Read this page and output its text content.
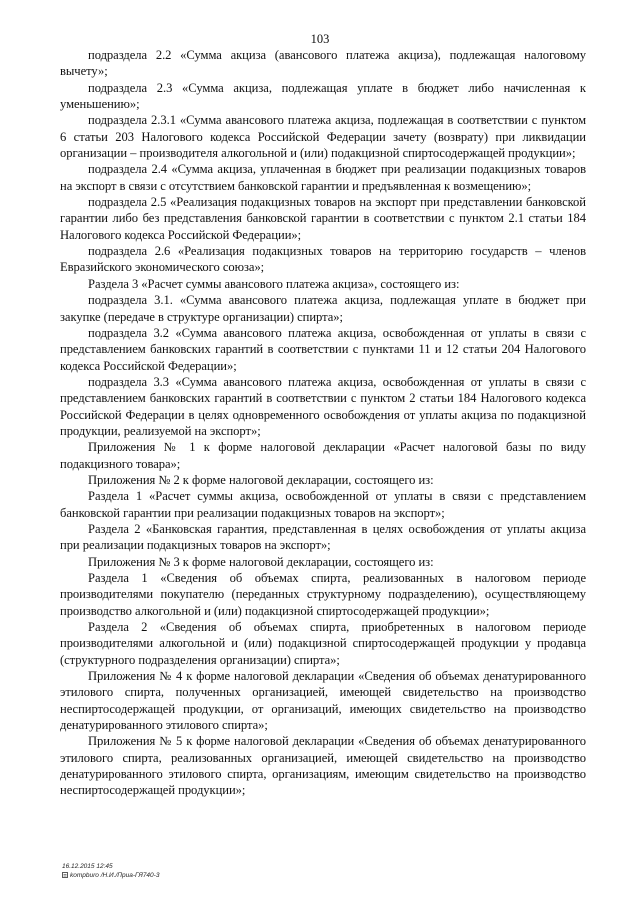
103

подраздела 2.2 «Сумма акциза (авансового платежа акциза), подлежащая налоговому вычету»;

подраздела 2.3 «Сумма акциза, подлежащая уплате в бюджет либо начисленная к уменьшению»;

подраздела 2.3.1 «Сумма авансового платежа акциза, подлежащая в соответствии с пунктом 6 статьи 203 Налогового кодекса Российской Федерации зачету (возврату) при ликвидации организации – производителя алкогольной и (или) подакцизной спиртосодержащей продукции»;

подраздела 2.4 «Сумма акциза, уплаченная в бюджет при реализации подакцизных товаров на экспорт в связи с отсутствием банковской гарантии и предъявленная к возмещению»;

подраздела 2.5 «Реализация подакцизных товаров на экспорт при представлении банковской гарантии либо без представления банковской гарантии в соответствии с пунктом 2.1 статьи 184 Налогового кодекса Российской Федерации»;

подраздела 2.6 «Реализация подакцизных товаров на территорию государств – членов Евразийского экономического союза»;

Раздела 3 «Расчет суммы авансового платежа акциза», состоящего из:

подраздела 3.1. «Сумма авансового платежа акциза, подлежащая уплате в бюджет при закупке (передаче в структуре организации) спирта»;

подраздела 3.2 «Сумма авансового платежа акциза, освобожденная от уплаты в связи с представлением банковских гарантий в соответствии с пунктами 11 и 12 статьи 204 Налогового кодекса Российской Федерации»;

подраздела 3.3 «Сумма авансового платежа акциза, освобожденная от уплаты в связи с представлением банковских гарантий в соответствии с пунктом 2 статьи 184 Налогового кодекса Российской Федерации в целях одновременного освобождения от уплаты акциза по подакцизной продукции, реализуемой на экспорт»;

Приложения № 1 к форме налоговой декларации «Расчет налоговой базы по виду подакцизного товара»;

Приложения № 2 к форме налоговой декларации, состоящего из:

Раздела 1 «Расчет суммы акциза, освобожденной от уплаты в связи с представлением банковской гарантии при реализации подакцизных товаров на экспорт»;

Раздела 2 «Банковская гарантия, представленная в целях освобождения от уплаты акциза при реализации подакцизных товаров на экспорт»;

Приложения № 3 к форме налоговой декларации, состоящего из:

Раздела 1 «Сведения об объемах спирта, реализованных в налоговом периоде производителями покупателю (переданных структурному подразделению), осуществляющему производство алкогольной и (или) подакцизной спиртосодержащей продукции»;

Раздела 2 «Сведения об объемах спирта, приобретенных в налоговом периоде производителями алкогольной и (или) подакцизной спиртосодержащей продукции у продавца (структурного подразделения организации) спирта»;

Приложения № 4 к форме налоговой декларации «Сведения об объемах денатурированного этилового спирта, полученных организацией, имеющей свидетельство на производство неспиртосодержащей продукции, от организаций, имеющих свидетельство на производство денатурированного этилового спирта»;

Приложения № 5 к форме налоговой декларации «Сведения об объемах денатурированного этилового спирта, реализованных организацией, имеющей свидетельство на производство денатурированного этилового спирта, организациям, имеющим свидетельство на производство неспиртосодержащей продукции»;

16.12.2015 12:45
kompburo /Н.И./Приа-ГЯ740-3
